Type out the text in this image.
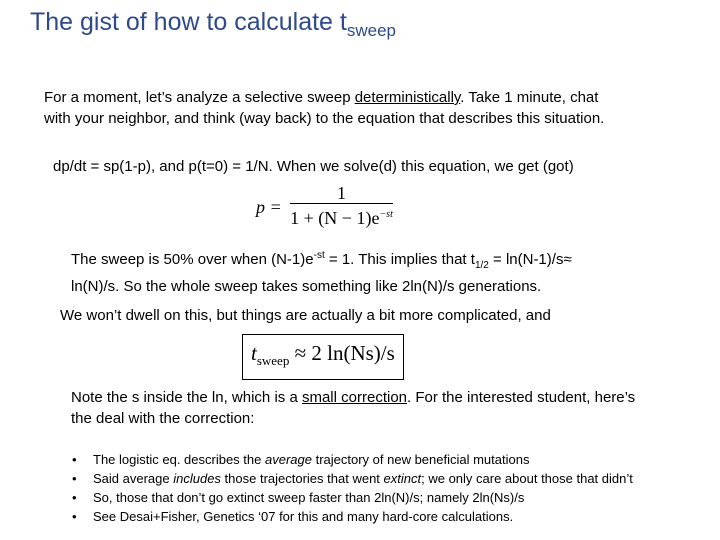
The gist of how to calculate $t_{sweep}$
For a moment, let’s analyze a selective sweep deterministically. Take 1 minute, chat
with your neighbor, and think (way back) to the equation that describes this situation.
dp/dt = sp(1-p), and p(t=0) = 1/N. When we solve(d) this equation, we get (got)
$p = \frac{1}{1 + (N - 1)e^{-st}}$
The sweep is 50% over when $(N-1)e^{-st} = 1$. This implies that $t_{1/2} = \ln(N-1)/s\approx$
ln(N)/s. So the whole sweep takes something like 2ln(N)/s generations.
We won’t dwell on this, but things are actually a bit more complicated, and
$t_{sweep} \approx 2$ ln(Ns)/s
Note the s inside the ln, which is a small correction. For the interested student, here’s
the deal with the correction:
• The logistic eq. describes the average trajectory of new beneficial mutations
• Said average includes those trajectories that went extinct; we only care about those that didn’t
• So, those that don’t go extinct sweep faster than 2ln(N)/s; namely 2ln(Ns)/s
• See Desai+Fisher, Genetics ‘07 for this and many hard-core calculations.
